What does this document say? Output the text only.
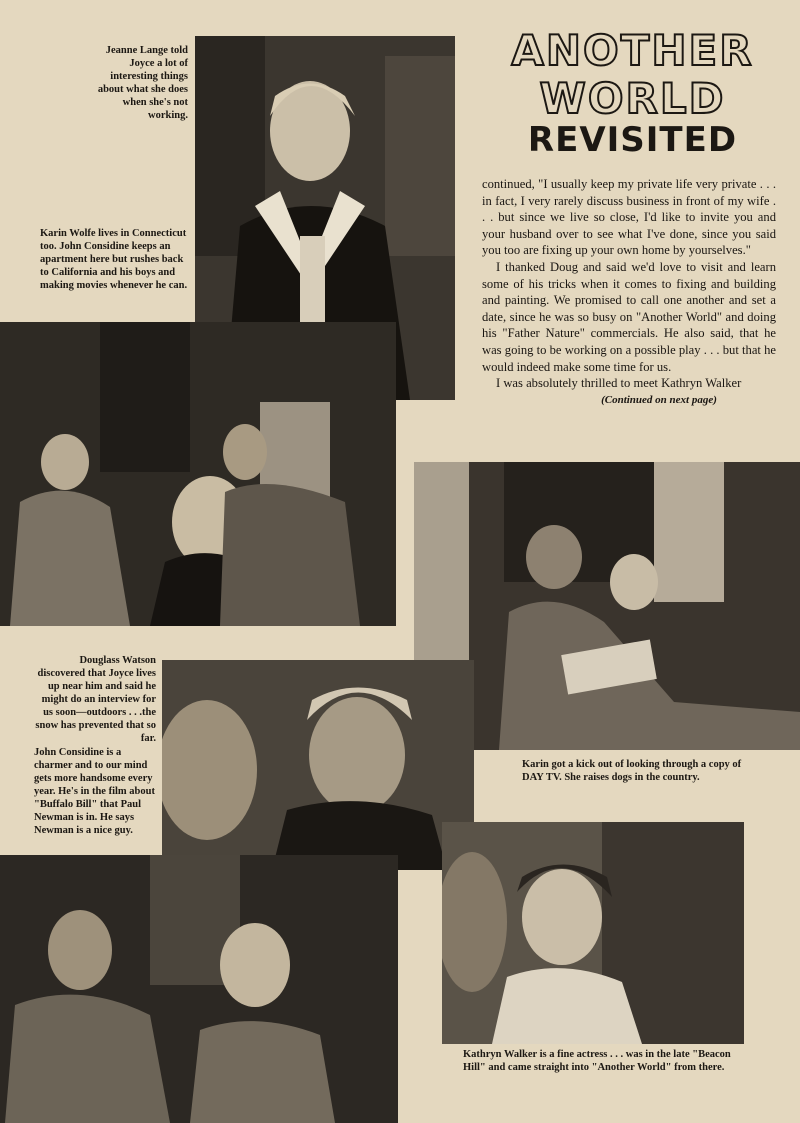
ANOTHER
WORLD
REVISITED
Jeanne Lange told Joyce a lot of interesting things about what she does when she's not working.
Karin Wolfe lives in Connecticut too. John Considine keeps an apartment here but rushes back to California and his boys and making movies whenever he can.
Douglass Watson discovered that Joyce lives up near him and said he might do an interview for us soon—outdoors . . .the snow has prevented that so far.
John Considine is a charmer and to our mind gets more handsome every year. He's in the film about "Buffalo Bill" that Paul Newman is in. He says Newman is a nice guy.
Karin got a kick out of looking through a copy of DAY TV. She raises dogs in the country.
Kathryn Walker is a fine actress . . . was in the late "Beacon Hill" and came straight into "Another World" from there.

continued, "I usually keep my private life very private . . . in fact, I very rarely discuss business in front of my wife . . . but since we live so close, I'd like to invite you and your husband over to see what I've done, since you said you too are fixing up your own home by yourselves."

I thanked Doug and said we'd love to visit and learn some of his tricks when it comes to fixing and building and painting. We promised to call one another and set a date, since he was so busy on "Another World" and doing his "Father Nature" commercials. He also said, that he was going to be working on a possible play . . . but that he would indeed make some time for us.

I was absolutely thrilled to meet Kathryn Walker

(Continued on next page)
